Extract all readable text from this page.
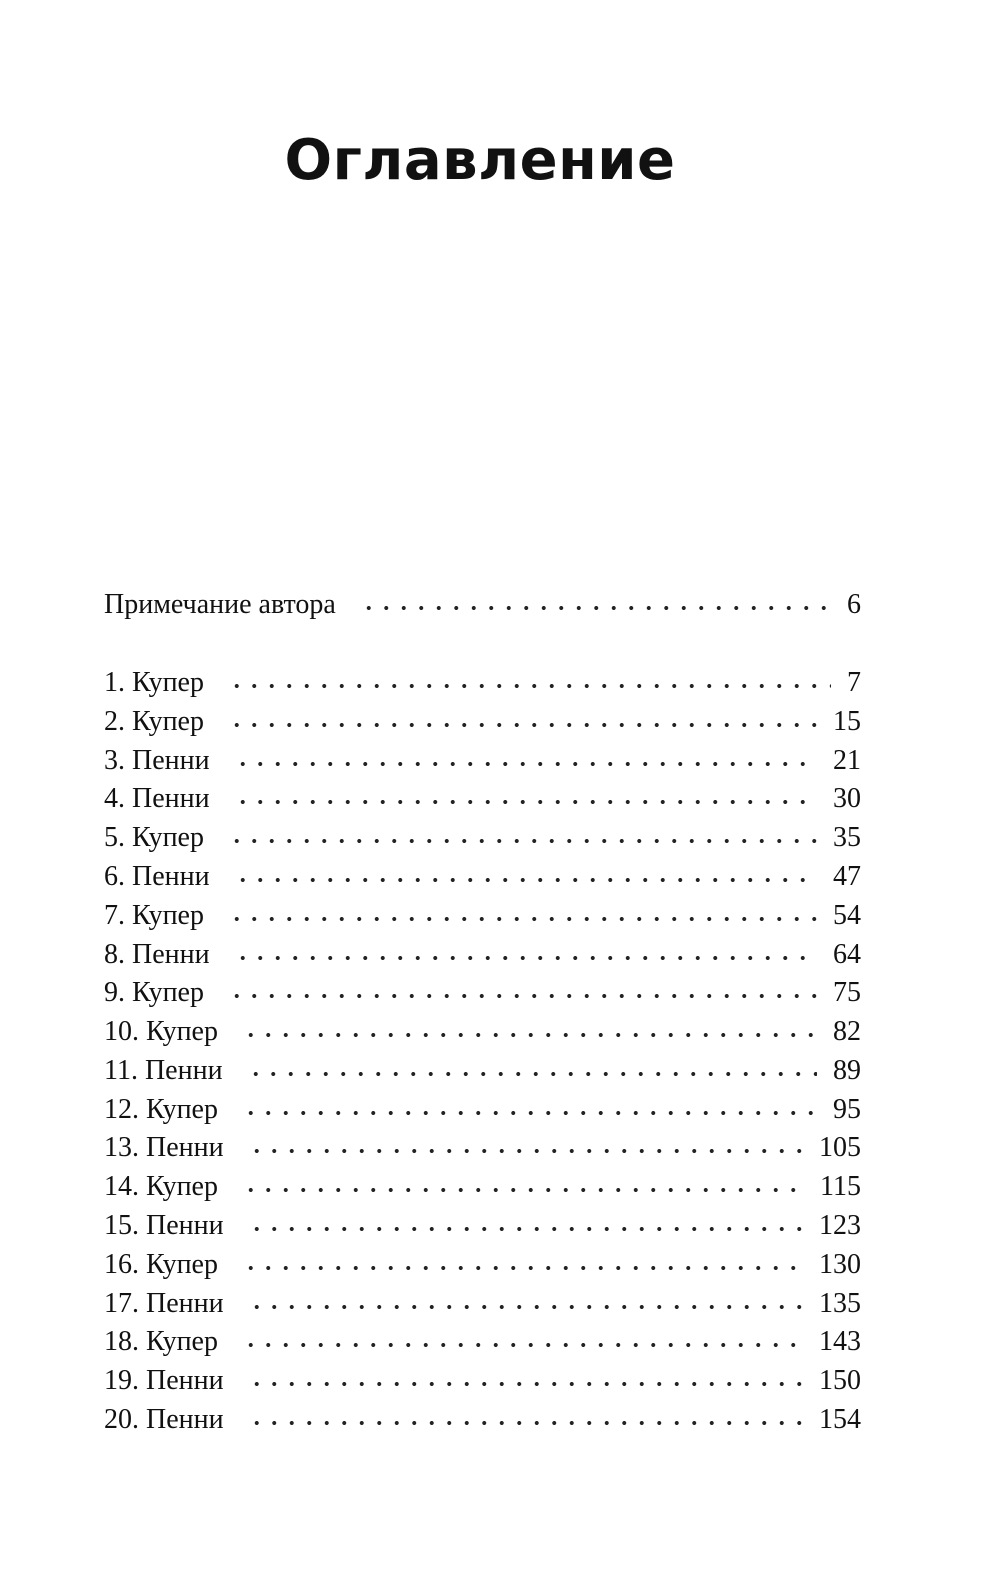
Оглавление
Примечание автора	6
1. Купер	7
2. Купер	15
3. Пенни	21
4. Пенни	30
5. Купер	35
6. Пенни	47
7. Купер	54
8. Пенни	64
9. Купер	75
10. Купер	82
11. Пенни	89
12. Купер	95
13. Пенни	105
14. Купер	115
15. Пенни	123
16. Купер	130
17. Пенни	135
18. Купер	143
19. Пенни	150
20. Пенни	154
